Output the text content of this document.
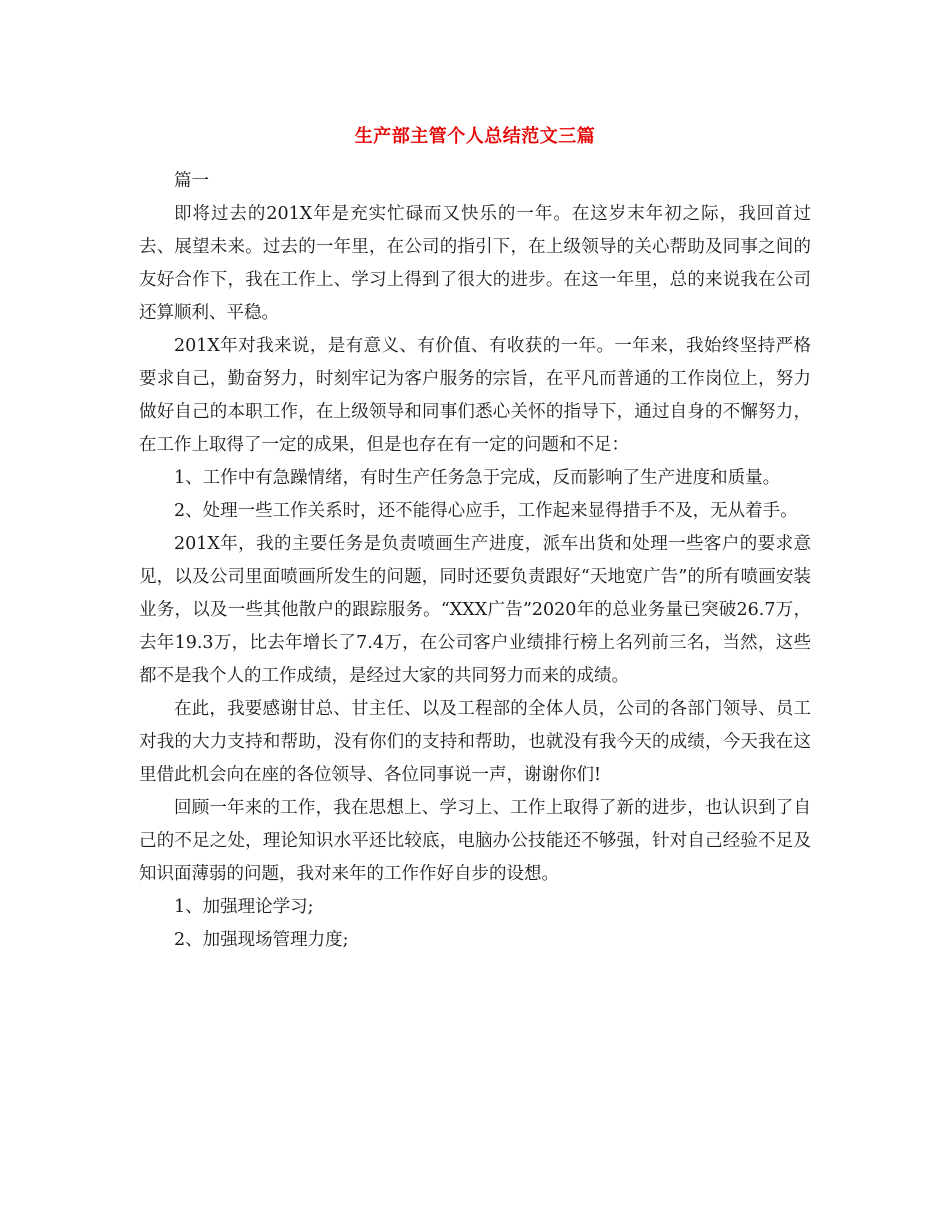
生产部主管个人总结范文三篇

篇一

即将过去的201X年是充实忙碌而又快乐的一年。在这岁末年初之际，我回首过去、展望未来。过去的一年里，在公司的指引下，在上级领导的关心帮助及同事之间的友好合作下，我在工作上、学习上得到了很大的进步。在这一年里，总的来说我在公司还算顺利、平稳。

201X年对我来说，是有意义、有价值、有收获的一年。一年来，我始终坚持严格要求自己，勤奋努力，时刻牢记为客户服务的宗旨，在平凡而普通的工作岗位上，努力做好自己的本职工作，在上级领导和同事们悉心关怀的指导下，通过自身的不懈努力，在工作上取得了一定的成果，但是也存在有一定的问题和不足：

1、工作中有急躁情绪，有时生产任务急于完成，反而影响了生产进度和质量。

2、处理一些工作关系时，还不能得心应手，工作起来显得措手不及，无从着手。

201X年，我的主要任务是负责喷画生产进度，派车出货和处理一些客户的要求意见，以及公司里面喷画所发生的问题，同时还要负责跟好“天地宽广告”的所有喷画安装业务，以及一些其他散户的跟踪服务。“XXX广告”2020年的总业务量已突破26.7万，去年19.3万，比去年增长了7.4万，在公司客户业绩排行榜上名列前三名，当然，这些都不是我个人的工作成绩，是经过大家的共同努力而来的成绩。

在此，我要感谢甘总、甘主任、以及工程部的全体人员，公司的各部门领导、员工对我的大力支持和帮助，没有你们的支持和帮助，也就没有我今天的成绩，今天我在这里借此机会向在座的各位领导、各位同事说一声，谢谢你们!

回顾一年来的工作，我在思想上、学习上、工作上取得了新的进步，也认识到了自己的不足之处，理论知识水平还比较底，电脑办公技能还不够强，针对自己经验不足及知识面薄弱的问题，我对来年的工作作好自步的设想。

1、加强理论学习;

2、加强现场管理力度;
